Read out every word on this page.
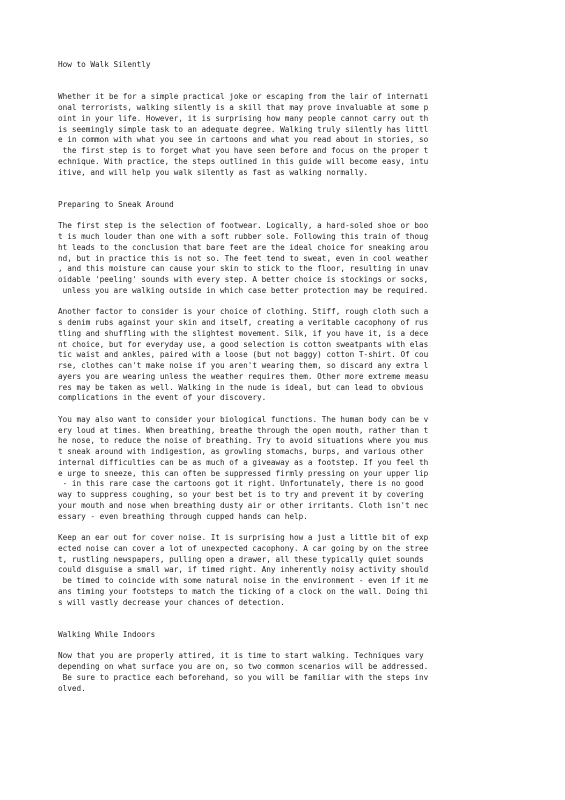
How to Walk Silently
Whether it be for a simple practical joke or escaping from the lair of internati
onal terrorists, walking silently is a skill that may prove invaluable at some p
oint in your life. However, it is surprising how many people cannot carry out th
is seemingly simple task to an adequate degree. Walking truly silently has littl
e in common with what you see in cartoons and what you read about in stories, so
the first step is to forget what you have seen before and focus on the proper t
echnique. With practice, the steps outlined in this guide will become easy, intu
itive, and will help you walk silently as fast as walking normally.
Preparing to Sneak Around
The first step is the selection of footwear. Logically, a hard-soled shoe or boo
t is much louder than one with a soft rubber sole. Following this train of thoug
ht leads to the conclusion that bare feet are the ideal choice for sneaking arou
nd, but in practice this is not so. The feet tend to sweat, even in cool weather
, and this moisture can cause your skin to stick to the floor, resulting in unav
oidable 'peeling' sounds with every step. A better choice is stockings or socks,
unless you are walking outside in which case better protection may be required.
Another factor to consider is your choice of clothing. Stiff, rough cloth such a
s denim rubs against your skin and itself, creating a veritable cacophony of rus
tling and shuffling with the slightest movement. Silk, if you have it, is a dece
nt choice, but for everyday use, a good selection is cotton sweatpants with elas
tic waist and ankles, paired with a loose (but not baggy) cotton T-shirt. Of cou
rse, clothes can't make noise if you aren't wearing them, so discard any extra l
ayers you are wearing unless the weather requires them. Other more extreme measu
res may be taken as well. Walking in the nude is ideal, but can lead to obvious
complications in the event of your discovery.
You may also want to consider your biological functions. The human body can be v
ery loud at times. When breathing, breathe through the open mouth, rather than t
he nose, to reduce the noise of breathing. Try to avoid situations where you mus
t sneak around with indigestion, as growling stomachs, burps, and various other
internal difficulties can be as much of a giveaway as a footstep. If you feel th
e urge to sneeze, this can often be suppressed firmly pressing on your upper lip
- in this rare case the cartoons got it right. Unfortunately, there is no good
way to suppress coughing, so your best bet is to try and prevent it by covering
your mouth and nose when breathing dusty air or other irritants. Cloth isn't nec
essary - even breathing through cupped hands can help.
Keep an ear out for cover noise. It is surprising how a just a little bit of exp
ected noise can cover a lot of unexpected cacophony. A car going by on the stree
t, rustling newspapers, pulling open a drawer, all these typically quiet sounds
could disguise a small war, if timed right. Any inherently noisy activity should
be timed to coincide with some natural noise in the environment - even if it me
ans timing your footsteps to match the ticking of a clock on the wall. Doing thi
s will vastly decrease your chances of detection.
Walking While Indoors
Now that you are properly attired, it is time to start walking. Techniques vary
depending on what surface you are on, so two common scenarios will be addressed.
Be sure to practice each beforehand, so you will be familiar with the steps inv
olved.
